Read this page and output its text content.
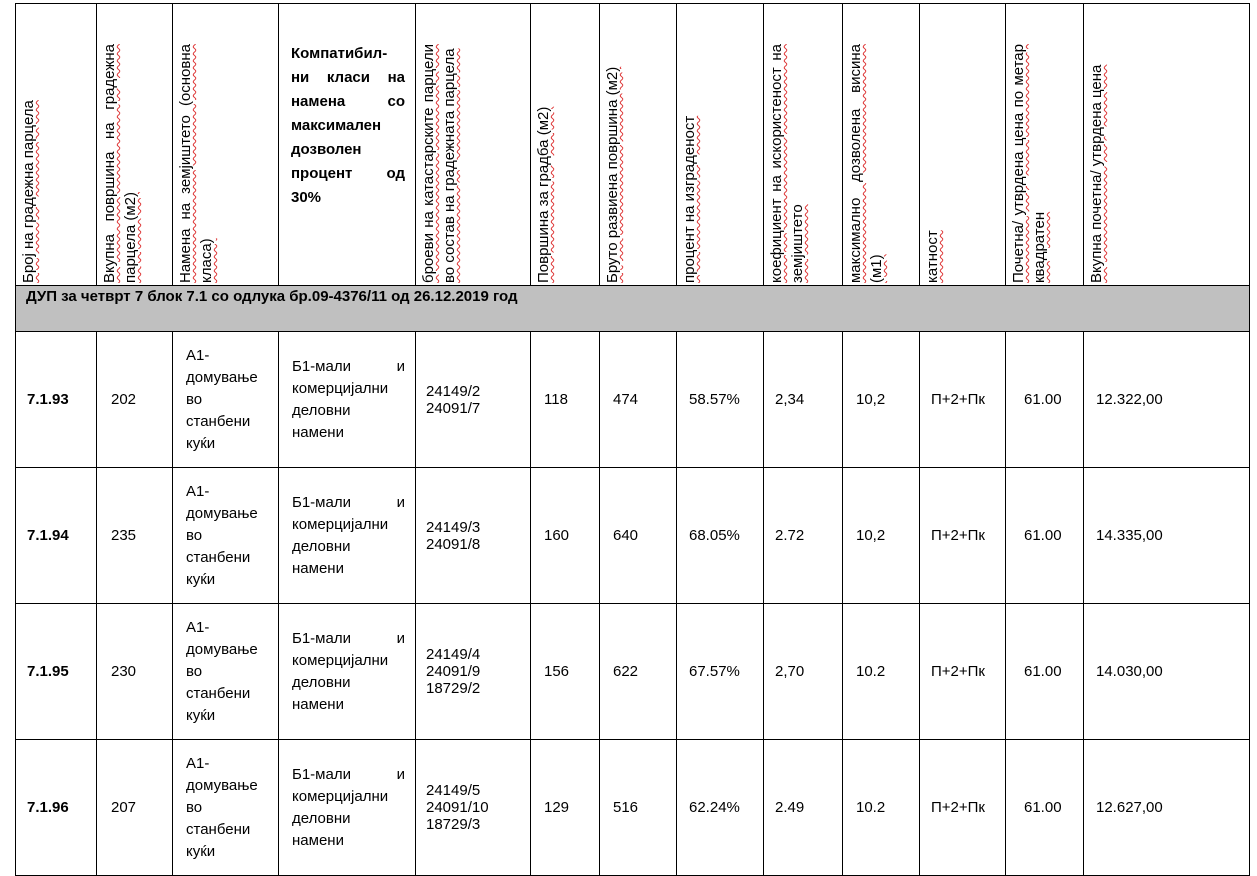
Број на градежна парцела	Вкупна површина на градежна парцела (м2)	Намена на земјиштето (основна класа)	Компатибил-ни класи на намена со максимален дозволен процент од 30%	броеви на катастарските парцели во состав на градежната парцела	Површина за градба (м2)	Бруто развиена површина (м2)	процент на изграденост	коефициент на искористеност на земјиштето	максимално дозволена висина (м1)	катност	Почетна/ утврдена цена по метар квадратен	Вкупна почетна/ утврдена цена

ДУП за четврт 7 блок 7.1 со одлука бр.09-4376/11 од 26.12.2019 год												
7.1.93	202	А1-
домување
во
станбени
куќи	Б1-мали и
комерцијални
деловни
намени	24149/2
24091/7	118	474	58.57%	2,34	10,2	П+2+Пк	61.00	12.322,00
7.1.94	235	А1-
домување
во
станбени
куќи	Б1-мали и
комерцијални
деловни
намени	24149/3
24091/8	160	640	68.05%	2.72	10,2	П+2+Пк	61.00	14.335,00
7.1.95	230	А1-
домување
во
станбени
куќи	Б1-мали и
комерцијални
деловни
намени	24149/4
24091/9
18729/2	156	622	67.57%	2,70	10.2	П+2+Пк	61.00	14.030,00
7.1.96	207	А1-
домување
во
станбени
куќи	Б1-мали и
комерцијални
деловни
намени	24149/5
24091/10
18729/3	129	516	62.24%	2.49	10.2	П+2+Пк	61.00	12.627,00
